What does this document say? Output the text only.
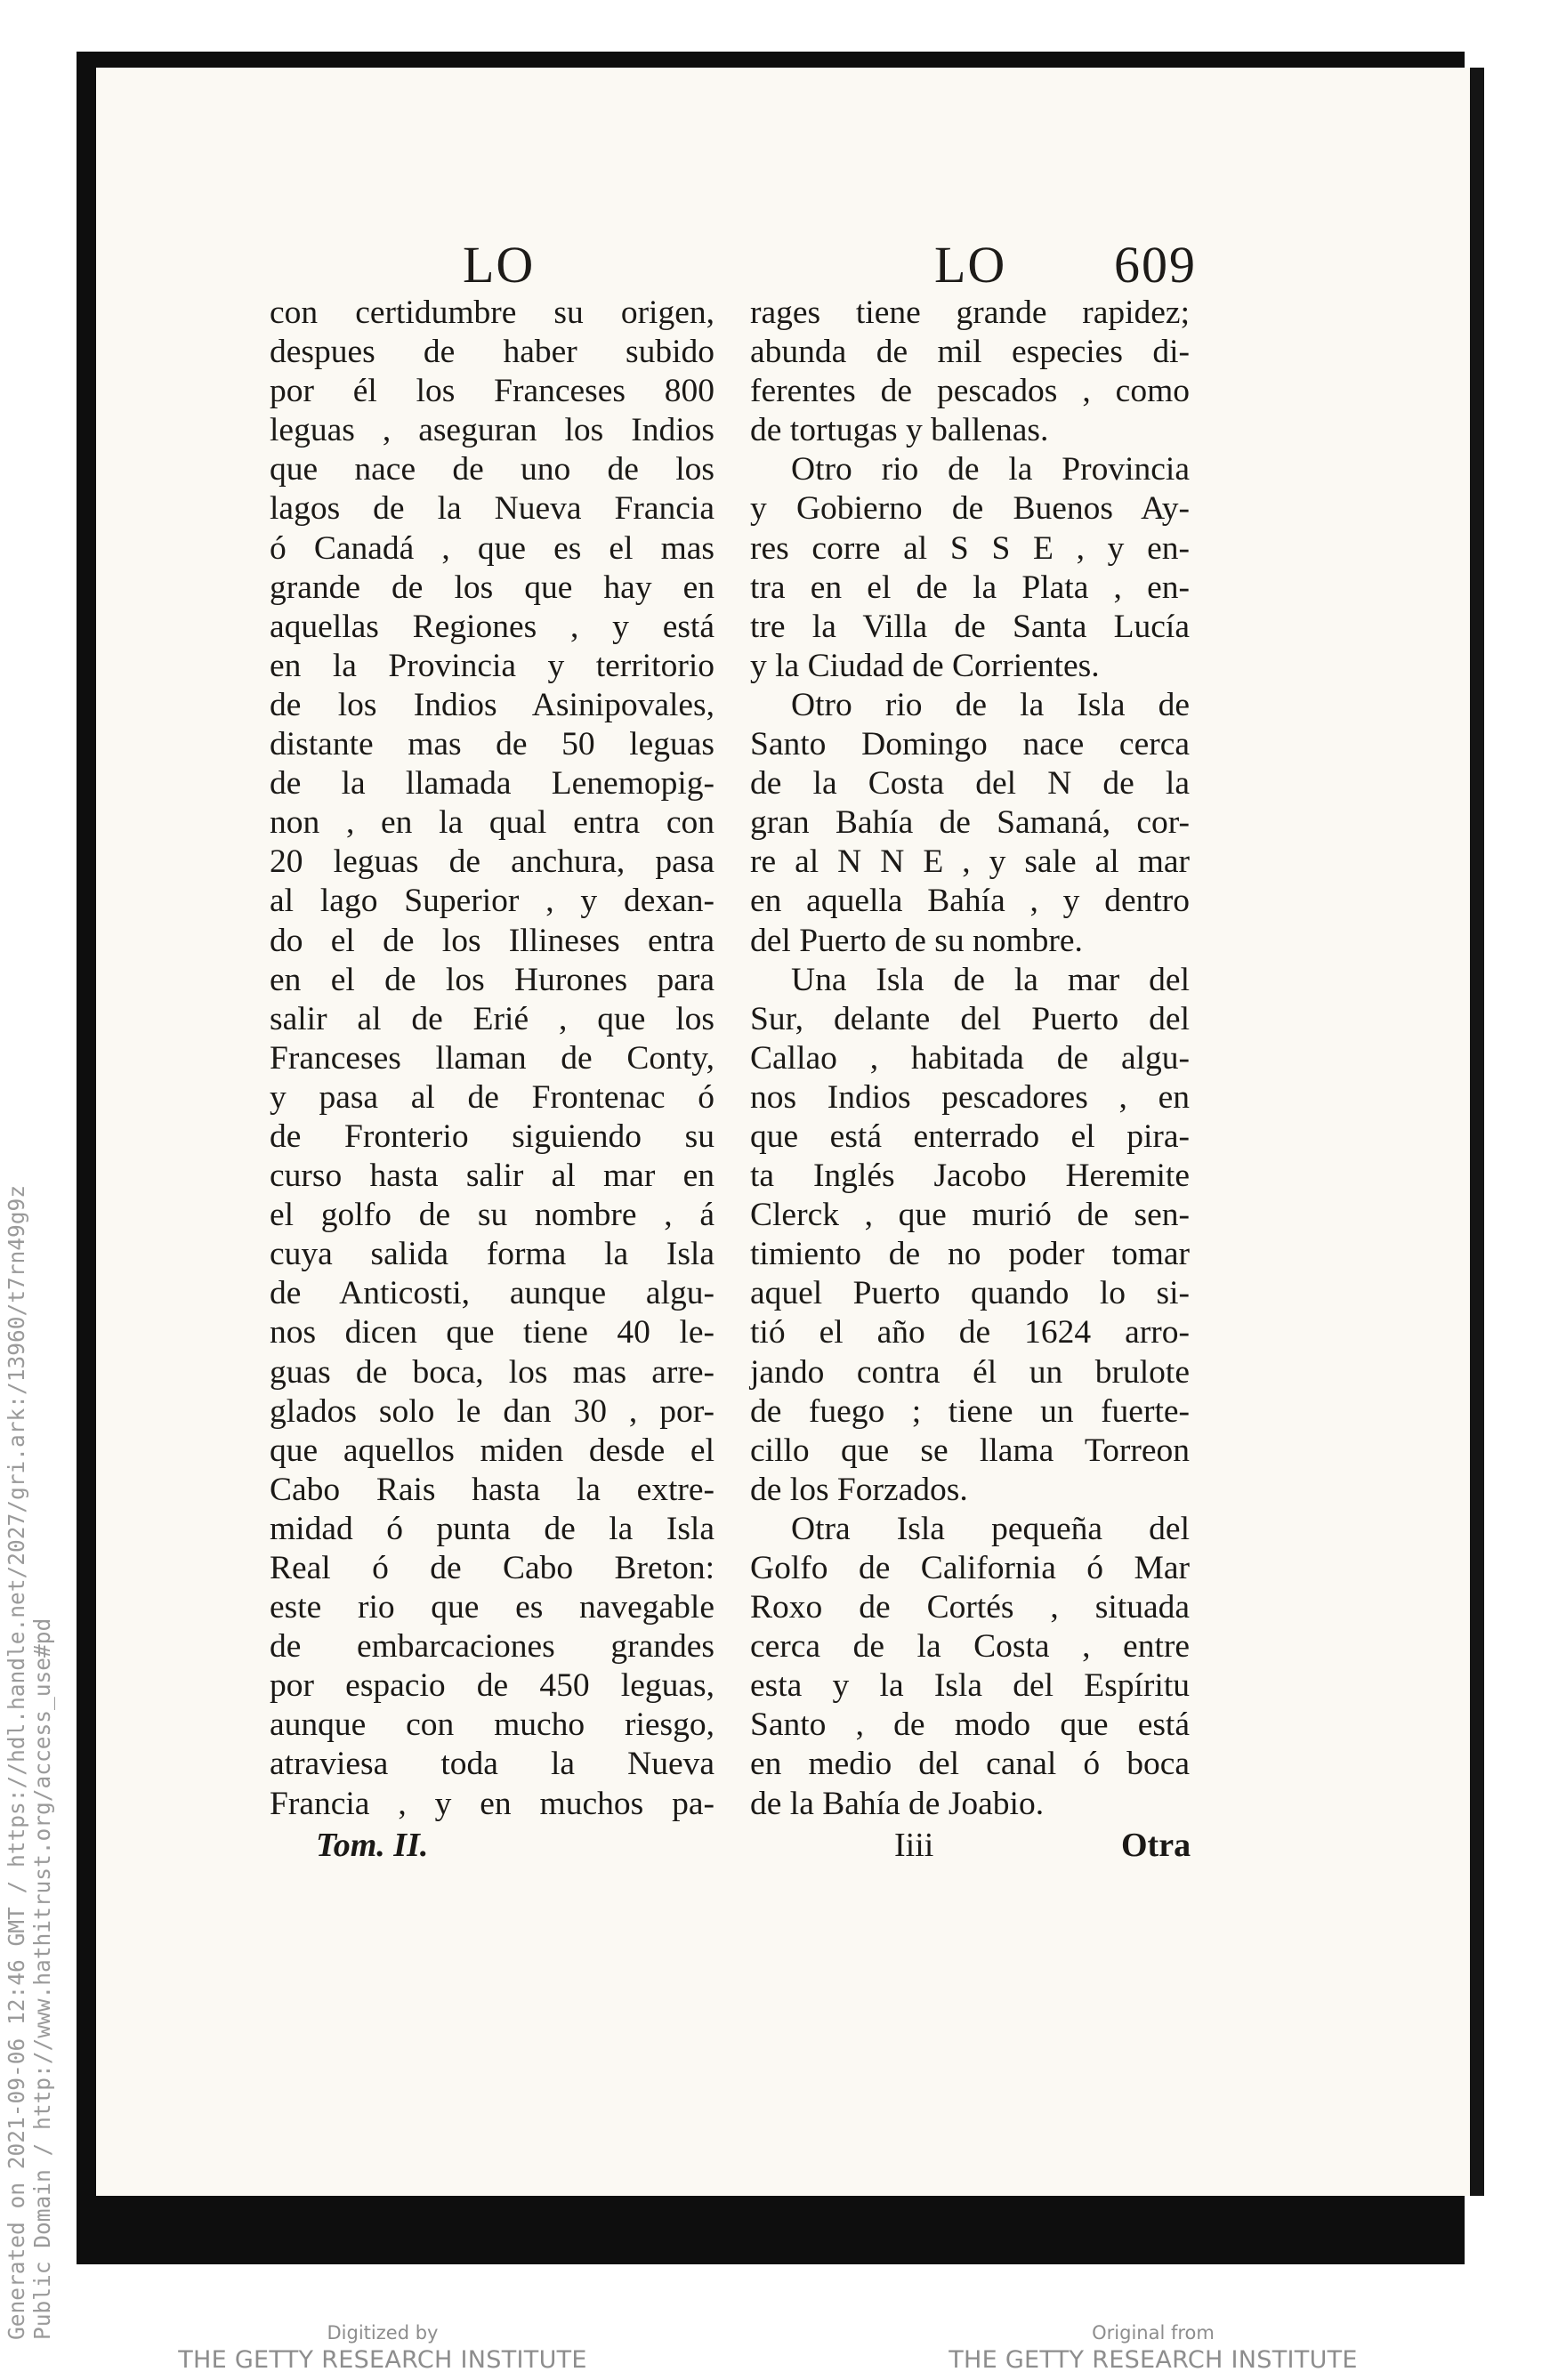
LO	LO 609
con certidumbre su origen,
despues de haber subido
por él los Franceses 800
leguas , aseguran los Indios
que nace de uno de los
lagos de la Nueva Francia
ó Canadá , que es el mas
grande de los que hay en
aquellas Regiones , y está
en la Provincia y territorio
de los Indios Asinipovales,
distante mas de 50 leguas
de la llamada Lenemopig-
non , en la qual entra con
20 leguas de anchura, pasa
al lago Superior , y dexan-
do el de los Illineses entra
en el de los Hurones para
salir al de Erié , que los
Franceses llaman de Conty,
y pasa al de Frontenac ó
de Fronterio siguiendo su
curso hasta salir al mar en
el golfo de su nombre , á
cuya salida forma la Isla
de Anticosti, aunque algu-
nos dicen que tiene 40 le-
guas de boca, los mas arre-
glados solo le dan 30 , por-
que aquellos miden desde el
Cabo Rais hasta la extre-
midad ó punta de la Isla
Real ó de Cabo Breton:
este rio que es navegable
de embarcaciones grandes
por espacio de 450 leguas,
aunque con mucho riesgo,
atraviesa toda la Nueva
Francia , y en muchos pa-
rages tiene grande rapidez;
abunda de mil especies di-
ferentes de pescados , como
de tortugas y ballenas.
Otro rio de la Provincia
y Gobierno de Buenos Ay-
res corre al S S E , y en-
tra en el de la Plata , en-
tre la Villa de Santa Lucía
y la Ciudad de Corrientes.
Otro rio de la Isla de
Santo Domingo nace cerca
de la Costa del N de la
gran Bahía de Samaná, cor-
re al N N E , y sale al mar
en aquella Bahía , y dentro
del Puerto de su nombre.
Una Isla de la mar del
Sur, delante del Puerto del
Callao , habitada de algu-
nos Indios pescadores , en
que está enterrado el pira-
ta Inglés Jacobo Heremite
Clerck , que murió de sen-
timiento de no poder tomar
aquel Puerto quando lo si-
tió el año de 1624 arro-
jando contra él un brulote
de fuego ; tiene un fuerte-
cillo que se llama Torreon
de los Forzados.
Otra Isla pequeña del
Golfo de California ó Mar
Roxo de Cortés , situada
cerca de la Costa , entre
esta y la Isla del Espíritu
Santo , de modo que está
en medio del canal ó boca
de la Bahía de Joabio.
Tom. II.	Iiii	Otra
Generated on 2021-09-06 12:46 GMT / https://hdl.handle.net/2027/gri.ark:/13960/t7rn49g9z Public Domain / http://www.hathitrust.org/access_use#pd	Digitized by
THE GETTY RESEARCH INSTITUTE
Original from
THE GETTY RESEARCH INSTITUTE
